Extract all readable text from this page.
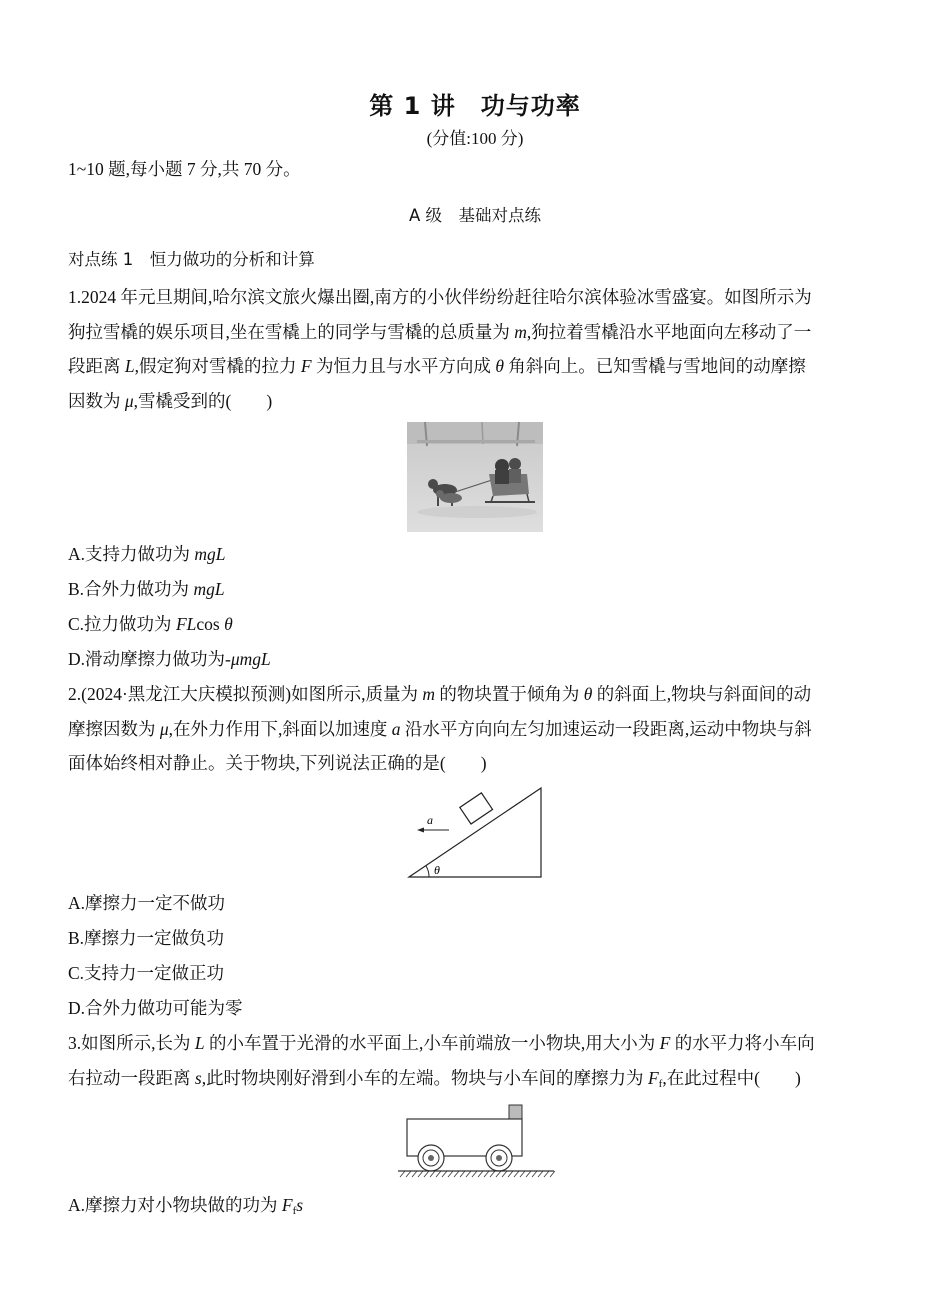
第 1 讲　功与功率
(分值:100 分)
1~10 题,每小题 7 分,共 70 分。
A 级　基础对点练
对点练 1　恒力做功的分析和计算
1.2024 年元旦期间,哈尔滨文旅火爆出圈,南方的小伙伴纷纷赶往哈尔滨体验冰雪盛宴。如图所示为
狗拉雪橇的娱乐项目,坐在雪橇上的同学与雪橇的总质量为 m,狗拉着雪橇沿水平地面向左移动了一
段距离 L,假定狗对雪橇的拉力 F 为恒力且与水平方向成 θ 角斜向上。已知雪橇与雪地间的动摩擦
因数为 μ,雪橇受到的(　　)
A.支持力做功为 mgL
B.合外力做功为 mgL
C.拉力做功为 FLcos θ
D.滑动摩擦力做功为-μmgL
2.(2024·黑龙江大庆模拟预测)如图所示,质量为 m 的物块置于倾角为 θ 的斜面上,物块与斜面间的动
摩擦因数为 μ,在外力作用下,斜面以加速度 a 沿水平方向向左匀加速运动一段距离,运动中物块与斜
面体始终相对静止。关于物块,下列说法正确的是(　　)
θ
a
A.摩擦力一定不做功
B.摩擦力一定做负功
C.支持力一定做正功
D.合外力做功可能为零
3.如图所示,长为 L 的小车置于光滑的水平面上,小车前端放一小物块,用大小为 F 的水平力将小车向
右拉动一段距离 s,此时物块刚好滑到小车的左端。物块与小车间的摩擦力为 $F_f$,在此过程中(　　)
A.摩擦力对小物块做的功为 $F_fs$
